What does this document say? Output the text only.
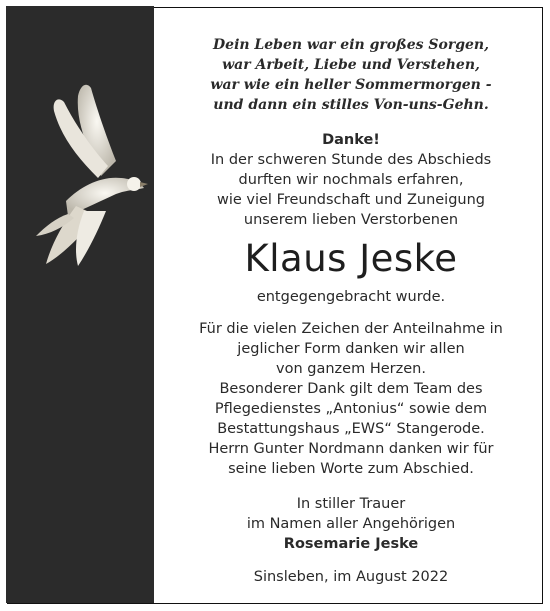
Dein Leben war ein großes Sorgen,
war Arbeit, Liebe und Verstehen,
war wie ein heller Sommermorgen -
und dann ein stilles Von-uns-Gehn.
Danke!
In der schweren Stunde des Abschieds
durften wir nochmals erfahren,
wie viel Freundschaft und Zuneigung
unserem lieben Verstorbenen
Klaus Jeske
entgegengebracht wurde.
Für die vielen Zeichen der Anteilnahme in
jeglicher Form danken wir allen
von ganzem Herzen.
Besonderer Dank gilt dem Team des
Pflegedienstes „Antonius“ sowie dem
Bestattungshaus „EWS“ Stangerode.
Herrn Gunter Nordmann danken wir für
seine lieben Worte zum Abschied.
In stiller Trauer
im Namen aller Angehörigen
Rosemarie Jeske
Sinsleben, im August 2022
